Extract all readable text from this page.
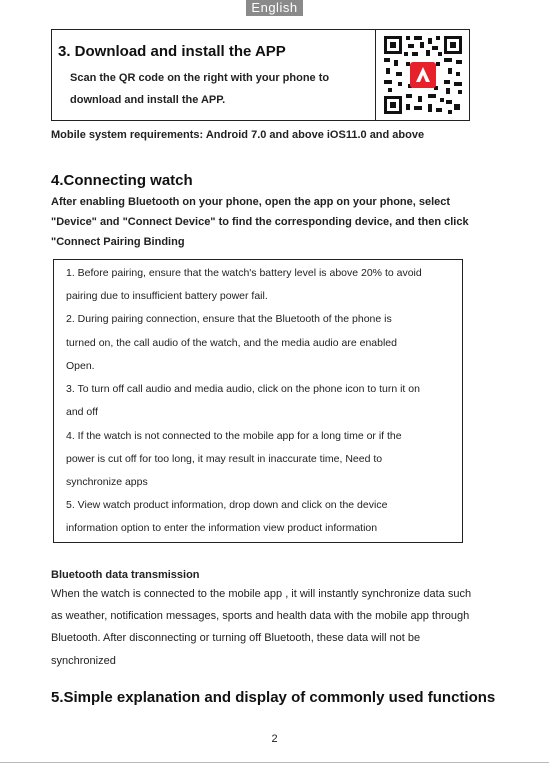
English
3. Download and install the APP
Scan the QR code on the right with your phone to
download and install the APP.
Mobile system requirements: Android 7.0 and above iOS11.0 and above
4.Connecting watch
After enabling Bluetooth on your phone, open the app on your phone, select
"Device" and "Connect Device" to find the corresponding device, and then click
"Connect Pairing Binding
1. Before pairing, ensure that the watch's battery level is above 20% to avoid
pairing due to insufficient battery power fail.
2. During pairing connection, ensure that the Bluetooth of the phone is
turned on, the call audio of the watch, and the media audio are enabled
Open.
3. To turn off call audio and media audio, click on the phone icon to turn it on
and off
4. If the watch is not connected to the mobile app for a long time or if the
power is cut off for too long, it may result in inaccurate time, Need to
synchronize apps
5. View watch product information, drop down and click on the device
information option to enter the information view product information
Bluetooth data transmission
When the watch is connected to the mobile app , it will instantly synchronize data such
as weather, notification messages, sports and health data with the mobile app through
Bluetooth. After disconnecting or turning off Bluetooth, these data will not be
synchronized
5.Simple explanation and display of commonly used functions
2
